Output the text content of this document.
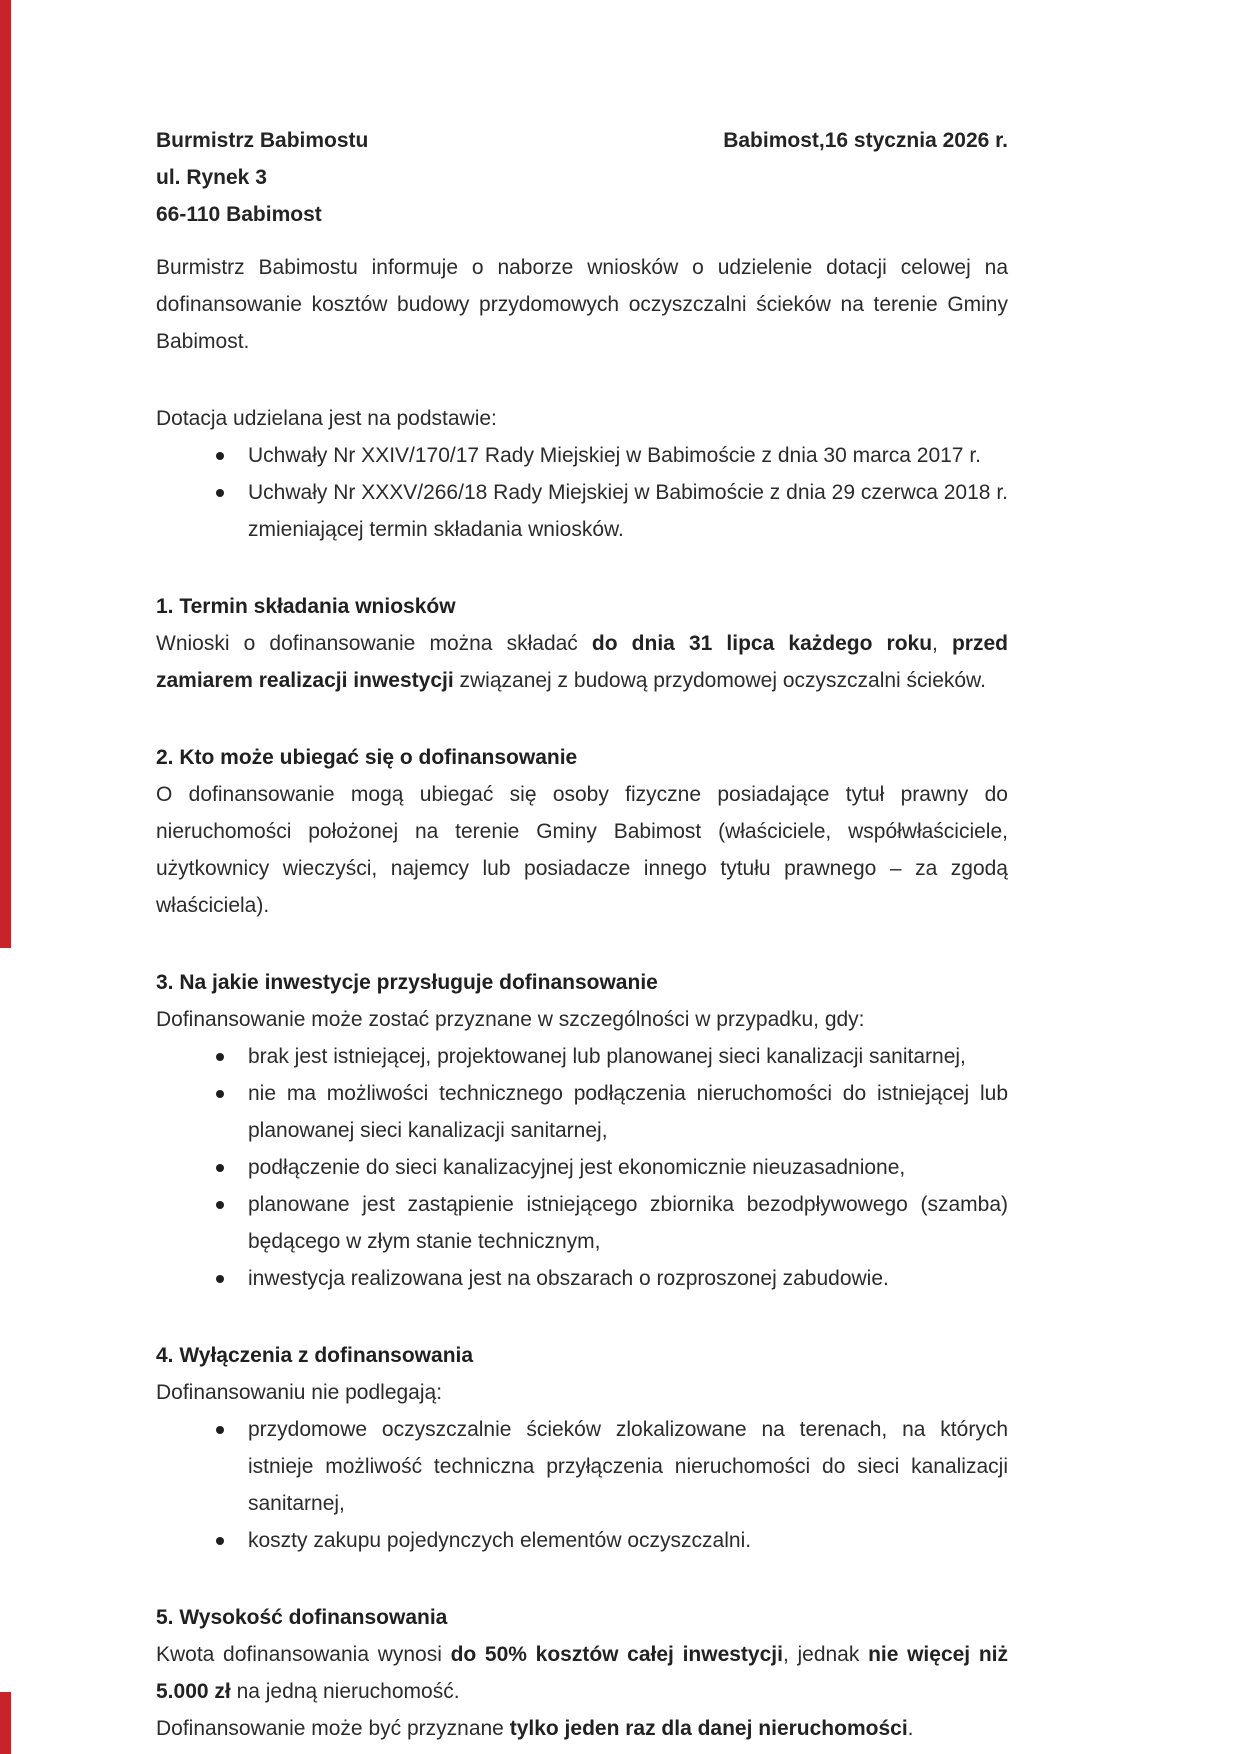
Burmistrz Babimostu
ul. Rynek 3
66-110 Babimost
Babimost,16 stycznia 2026 r.

Burmistrz Babimostu informuje o naborze wniosków o udzielenie dotacji celowej na dofinansowanie kosztów budowy przydomowych oczyszczalni ścieków na terenie Gminy Babimost.

Dotacja udzielana jest na podstawie:

Uchwały Nr XXIV/170/17 Rady Miejskiej w Babimoście z dnia 30 marca 2017 r.
Uchwały Nr XXXV/266/18 Rady Miejskiej w Babimoście z dnia 29 czerwca 2018 r. zmieniającej termin składania wniosków.
1. Termin składania wniosków

Wnioski o dofinansowanie można składać do dnia 31 lipca każdego roku, przed zamiarem realizacji inwestycji związanej z budową przydomowej oczyszczalni ścieków.

2. Kto może ubiegać się o dofinansowanie

O dofinansowanie mogą ubiegać się osoby fizyczne posiadające tytuł prawny do nieruchomości położonej na terenie Gminy Babimost (właściciele, współwłaściciele, użytkownicy wieczyści, najemcy lub posiadacze innego tytułu prawnego – za zgodą właściciela).

3. Na jakie inwestycje przysługuje dofinansowanie

Dofinansowanie może zostać przyznane w szczególności w przypadku, gdy:

brak jest istniejącej, projektowanej lub planowanej sieci kanalizacji sanitarnej,
nie ma możliwości technicznego podłączenia nieruchomości do istniejącej lub planowanej sieci kanalizacji sanitarnej,
podłączenie do sieci kanalizacyjnej jest ekonomicznie nieuzasadnione,
planowane jest zastąpienie istniejącego zbiornika bezodpływowego (szamba) będącego w złym stanie technicznym,
inwestycja realizowana jest na obszarach o rozproszonej zabudowie.
4. Wyłączenia z dofinansowania

Dofinansowaniu nie podlegają:

przydomowe oczyszczalnie ścieków zlokalizowane na terenach, na których istnieje możliwość techniczna przyłączenia nieruchomości do sieci kanalizacji sanitarnej,
koszty zakupu pojedynczych elementów oczyszczalni.
5. Wysokość dofinansowania

Kwota dofinansowania wynosi do 50% kosztów całej inwestycji, jednak nie więcej niż 5.000 zł na jedną nieruchomość.

Dofinansowanie może być przyznane tylko jeden raz dla danej nieruchomości.
